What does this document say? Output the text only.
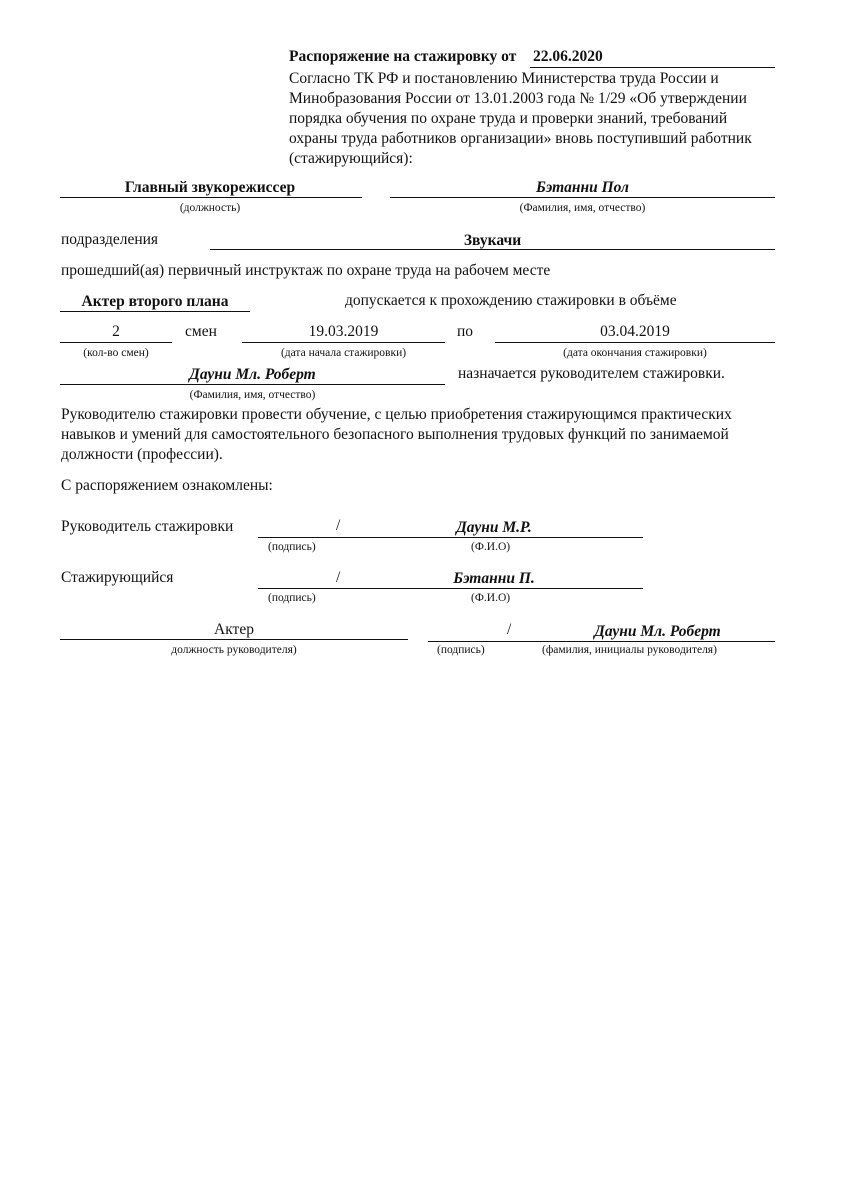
Распоряжение на стажировку от 22.06.2020
Согласно ТК РФ и постановлению Министерства труда России и
Минобразования России от 13.01.2003 года № 1/29 «Об утверждении
порядка обучения по охране труда и проверки знаний, требований
охраны труда работников организации» вновь поступивший работник
(стажирующийся):
Главный звукорежиссер
(должность)
Бэтанни Пол
(Фамилия, имя, отчество)
подразделения	Звукачи
прошедший(ая) первичный инструктаж по охране труда на рабочем месте
Актер второго плана	допускается к прохождению стажировки в объёме
2
(кол-во смен)
смен	19.03.2019
(дата начала стажировки)
по	03.04.2019
(дата окончания стажировки)
Дауни Мл. Роберт
(Фамилия, имя, отчество)
назначается руководителем стажировки.
Руководителю стажировки провести обучение, с целью приобретения стажирующимся практических
навыков и умений для самостоятельного безопасного выполнения трудовых функций по занимаемой
должности (профессии).
С распоряжением ознакомлены:
Руководитель стажировки	/	Дауни М.Р.
(подпись)	(Ф.И.О)
Стажирующийся	/	Бэтанни П.
(подпись)	(Ф.И.О)
Актер
должность руководителя)
/	Дауни Мл. Роберт
(подпись)	(фамилия, инициалы руководителя)
